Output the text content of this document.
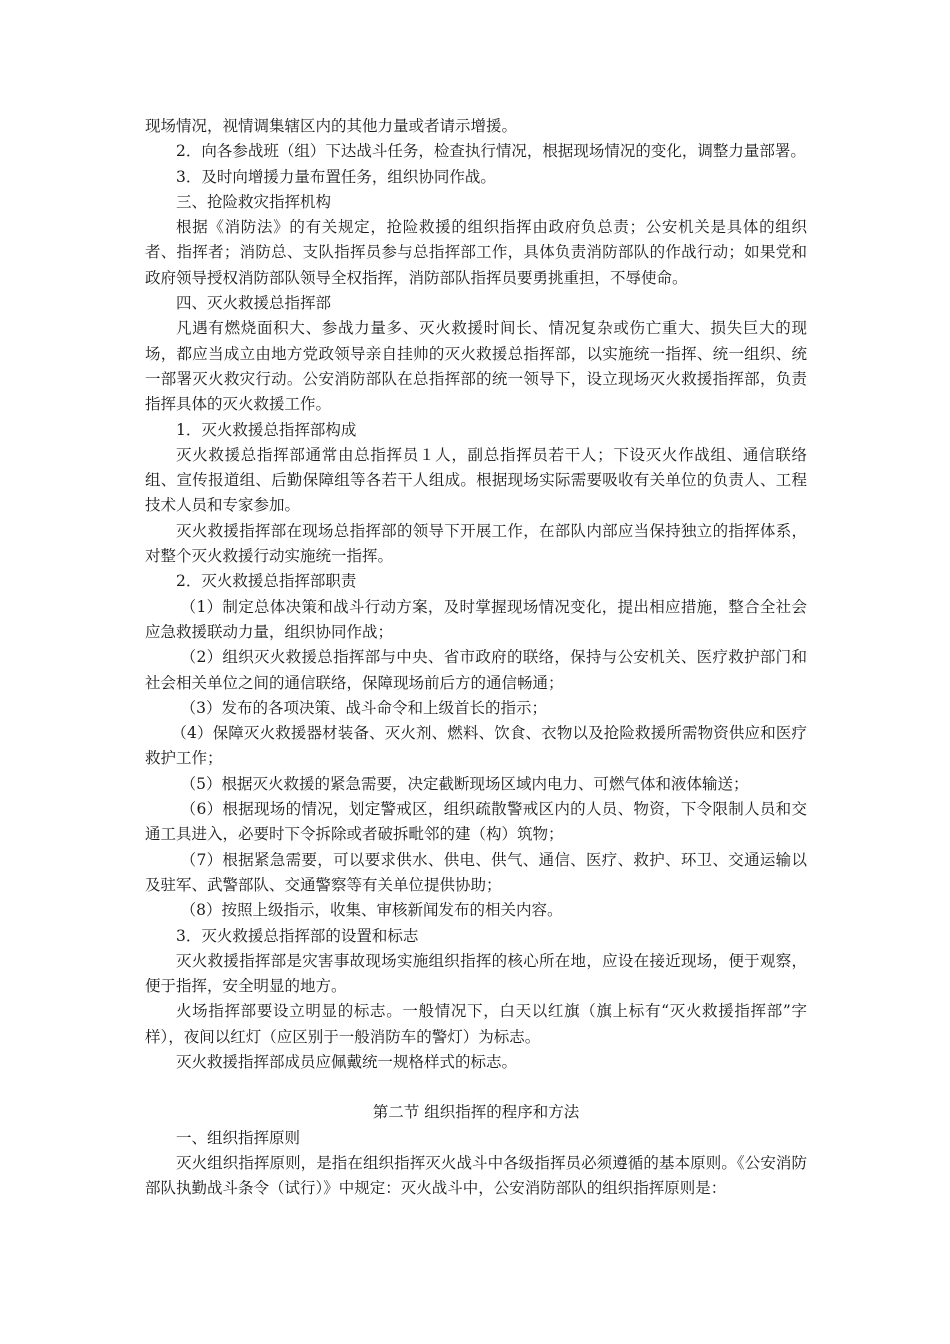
现场情况，视情调集辖区内的其他力量或者请示增援。

2．向各参战班（组）下达战斗任务，检查执行情况，根据现场情况的变化，调整力量部署。

3．及时向增援力量布置任务，组织协同作战。

三、抢险救灾指挥机构

根据《消防法》的有关规定，抢险救援的组织指挥由政府负总责；公安机关是具体的组织者、指挥者；消防总、支队指挥员参与总指挥部工作，具体负责消防部队的作战行动；如果党和政府领导授权消防部队领导全权指挥，消防部队指挥员要勇挑重担，不辱使命。

四、灭火救援总指挥部

凡遇有燃烧面积大、参战力量多、灭火救援时间长、情况复杂或伤亡重大、损失巨大的现场，都应当成立由地方党政领导亲自挂帅的灭火救援总指挥部，以实施统一指挥、统一组织、统一部署灭火救灾行动。公安消防部队在总指挥部的统一领导下，设立现场灭火救援指挥部，负责指挥具体的灭火救援工作。

1．灭火救援总指挥部构成

灭火救援总指挥部通常由总指挥员１人，副总指挥员若干人；下设灭火作战组、通信联络组、宣传报道组、后勤保障组等各若干人组成。根据现场实际需要吸收有关单位的负责人、工程技术人员和专家参加。

灭火救援指挥部在现场总指挥部的领导下开展工作，在部队内部应当保持独立的指挥体系，对整个灭火救援行动实施统一指挥。

2．灭火救援总指挥部职责

（1）制定总体决策和战斗行动方案，及时掌握现场情况变化，提出相应措施，整合全社会应急救援联动力量，组织协同作战；

（2）组织灭火救援总指挥部与中央、省市政府的联络，保持与公安机关、医疗救护部门和社会相关单位之间的通信联络，保障现场前后方的通信畅通；

（3）发布的各项决策、战斗命令和上级首长的指示；

（4）保障灭火救援器材装备、灭火剂、燃料、饮食、衣物以及抢险救援所需物资供应和医疗救护工作；

（5）根据灭火救援的紧急需要，决定截断现场区域内电力、可燃气体和液体输送；

（6）根据现场的情况，划定警戒区，组织疏散警戒区内的人员、物资，下令限制人员和交通工具进入，必要时下令拆除或者破拆毗邻的建（构）筑物；

（7）根据紧急需要，可以要求供水、供电、供气、通信、医疗、救护、环卫、交通运输以及驻军、武警部队、交通警察等有关单位提供协助；

（8）按照上级指示，收集、审核新闻发布的相关内容。

3．灭火救援总指挥部的设置和标志

灭火救援指挥部是灾害事故现场实施组织指挥的核心所在地，应设在接近现场，便于观察，便于指挥，安全明显的地方。

火场指挥部要设立明显的标志。一般情况下，白天以红旗（旗上标有“灭火救援指挥部”字样），夜间以红灯（应区别于一般消防车的警灯）为标志。

灭火救援指挥部成员应佩戴统一规格样式的标志。

第二节 组织指挥的程序和方法

一、组织指挥原则

灭火组织指挥原则，是指在组织指挥灭火战斗中各级指挥员必须遵循的基本原则。《公安消防部队执勤战斗条令（试行）》中规定：灭火战斗中，公安消防部队的组织指挥原则是：
